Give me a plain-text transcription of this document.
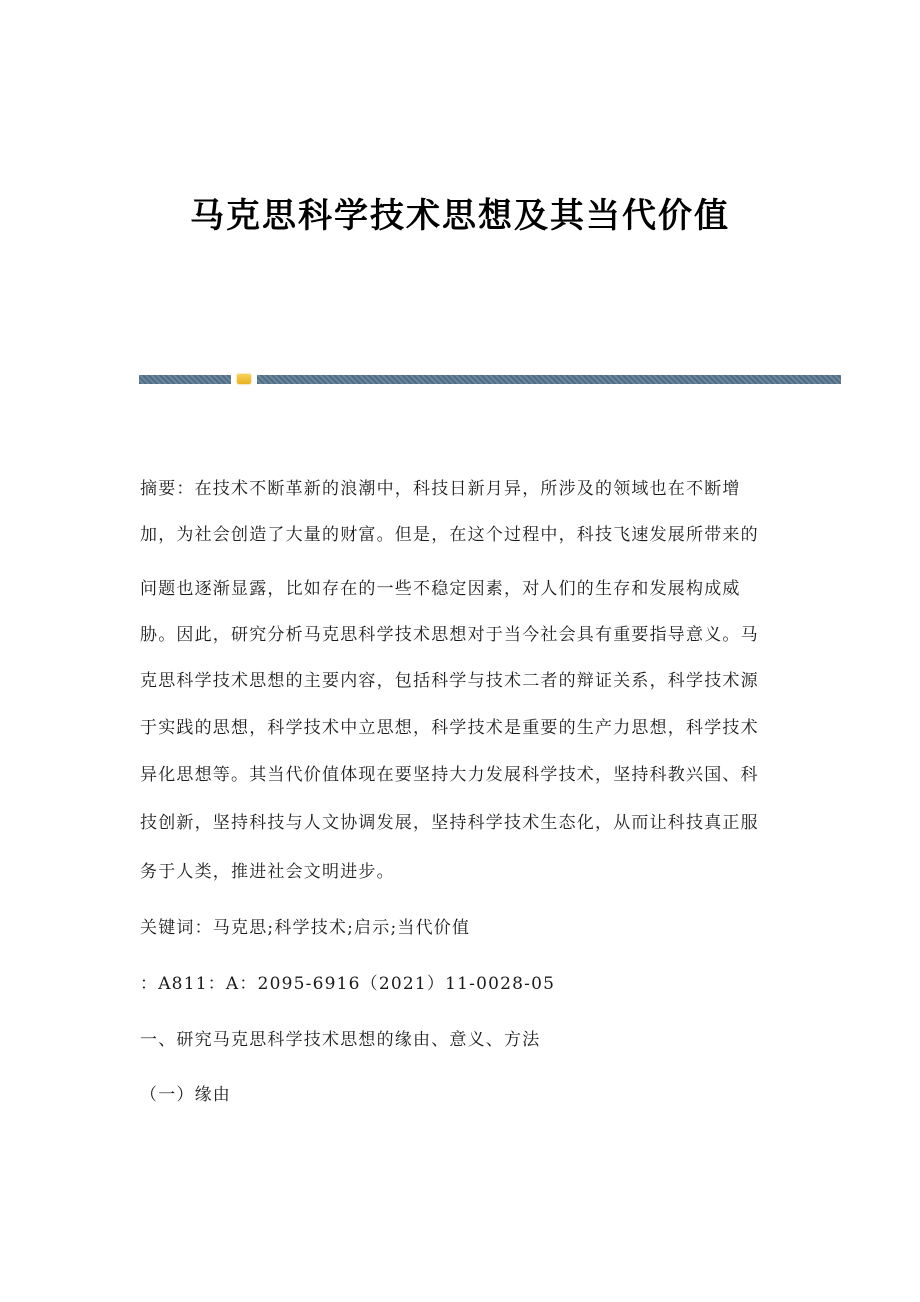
马克思科学技术思想及其当代价值
摘要：在技术不断革新的浪潮中，科技日新月异，所涉及的领域也在不断增
加，为社会创造了大量的财富。但是，在这个过程中，科技飞速发展所带来的
问题也逐渐显露，比如存在的一些不稳定因素，对人们的生存和发展构成威
胁。因此，研究分析马克思科学技术思想对于当今社会具有重要指导意义。马
克思科学技术思想的主要内容，包括科学与技术二者的辩证关系，科学技术源
于实践的思想，科学技术中立思想，科学技术是重要的生产力思想，科学技术
异化思想等。其当代价值体现在要坚持大力发展科学技术，坚持科教兴国、科
技创新，坚持科技与人文协调发展，坚持科学技术生态化，从而让科技真正服
务于人类，推进社会文明进步。
关键词：马克思;科学技术;启示;当代价值
：A811：A：2095-6916（2021）11-0028-05
一、研究马克思科学技术思想的缘由、意义、方法
（一）缘由
